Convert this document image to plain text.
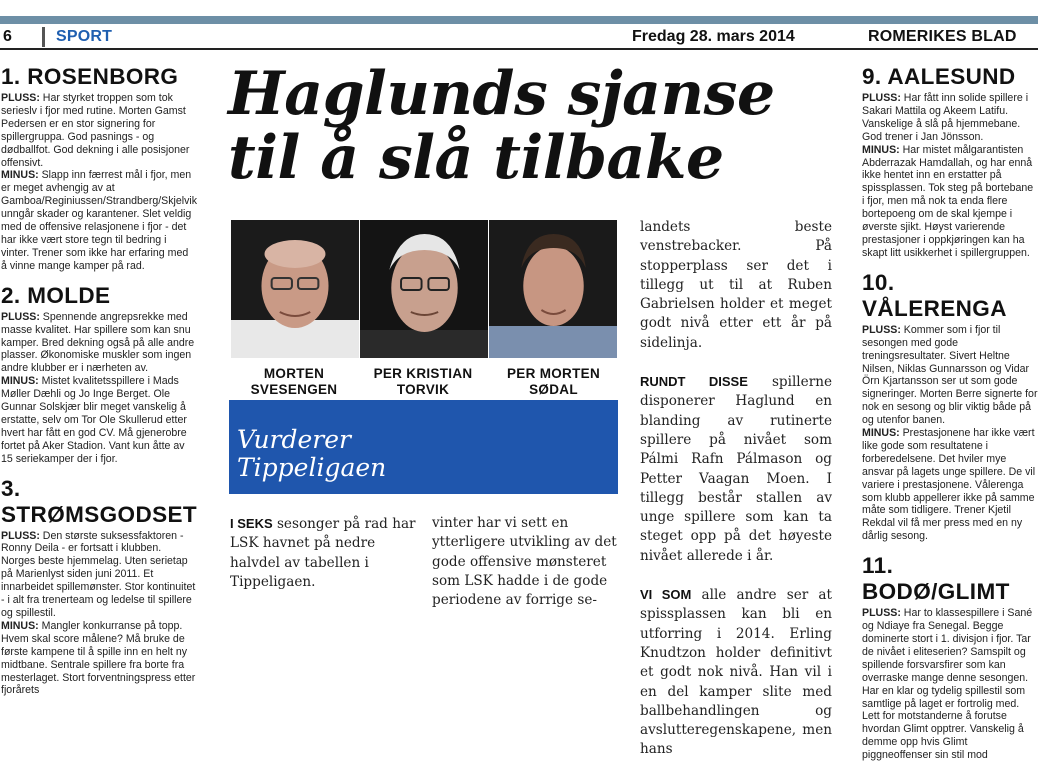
6	SPORT	Fredag 28. mars 2014	ROMERIKES BLAD
1. ROSENBORG

PLUSS: Har styrket troppen som tok serieslv i fjor med rutine. Morten Gamst Pedersen er en stor signering for spillergruppa. God pasnings - og dødballfot. God dekning i alle posisjoner offensivt.

MINUS: Slapp inn færrest mål i fjor, men er meget avhengig av at Gamboa/Reginiussen/Strandberg/Skjelvik unngår skader og karantener. Slet veldig med de offensive relasjonene i fjor - det har ikke vært store tegn til bedring i vinter. Trener som ikke har erfaring med å vinne mange kamper på rad.

2. MOLDE

PLUSS: Spennende angrepsrekke med masse kvalitet. Har spillere som kan snu kamper. Bred dekning også på alle andre plasser. Økonomiske muskler som ingen andre klubber er i nærheten av.

MINUS: Mistet kvalitetsspillere i Mads Møller Dæhli og Jo Inge Berget. Ole Gunnar Solskjær blir meget vanskelig å erstatte, selv om Tor Ole Skullerud etter hvert har fått en god CV. Må gjenerobre fortet på Aker Stadion. Vant kun åtte av 15 seriekamper der i fjor.

3. STRØMSGODSET

PLUSS: Den største suksessfaktoren - Ronny Deila - er fortsatt i klubben. Norges beste hjemmelag. Uten serietap på Marienlyst siden juni 2011. Et innarbeidet spillemønster. Stor kontinuitet - i alt fra trenerteam og ledelse til spillere og spillestil.

MINUS: Mangler konkurranse på topp. Hvem skal score målene? Må bruke de første kampene til å spille inn en helt ny midtbane. Sentrale spillere fra borte fra mesterlaget. Stort forventningspress etter fjorårets

9. AALESUND

PLUSS: Har fått inn solide spillere i Sakari Mattila og Akeem Latifu. Vanskelige å slå på hjemmebane. God trener i Jan Jönsson.

MINUS: Har mistet målgarantisten Abderrazak Hamdallah, og har ennå ikke hentet inn en erstatter på spissplassen. Tok steg på bortebane i fjor, men må nok ta enda flere bortepoeng om de skal kjempe i øverste sjikt. Høyst varierende prestasjoner i oppkjøringen kan ha skapt litt usikkerhet i spillergruppen.

10. VÅLERENGA

PLUSS: Kommer som i fjor til sesongen med gode treningsresultater. Sivert Heltne Nilsen, Niklas Gunnarsson og Vidar Örn Kjartansson ser ut som gode signeringer. Morten Berre signerte for nok en sesong og blir viktig både på og utenfor banen.

MINUS: Prestasjonene har ikke vært like gode som resultatene i forberedelsene. Det hviler mye ansvar på lagets unge spillere. De vil variere i prestasjonene. Vålerenga som klubb appellerer ikke på samme måte som tidligere. Trener Kjetil Rekdal vil få mer press med en ny dårlig sesong.

11. BODØ/GLIMT

PLUSS: Har to klassespillere i Sané og Ndiaye fra Senegal. Begge dominerte stort i 1. divisjon i fjor. Tar de nivået i eliteserien? Samspilt og spillende forsvarsfirer som kan overraske mange denne sesongen. Har en klar og tydelig spillestil som samtlige på laget er fortrolig med. Lett for motstanderne å forutse hvordan Glimt opptrer. Vanskelig å demme opp hvis Glimt piggneoffenser sin stil mod

Haglunds sjanse
til å slå tilbake
MORTEN
SVESENGEN
PER KRISTIAN
TORVIK
PER MORTEN
SØDAL
Vurderer
Tippeligaen

I SEKS sesonger på rad har LSK havnet på nedre halvdel av tabellen i Tippeligaen.

vinter har vi sett en ytterligere utvikling av det gode offensive mønsteret som LSK hadde i de gode periodene av forrige se-

landets beste venstrebacker. På stopperplass ser det i tillegg ut til at Ruben Gabrielsen holder et meget godt nivå etter ett år på sidelinja.

RUNDT DISSE spillerne disponerer Haglund en blanding av rutinerte spillere på nivået som Pálmi Rafn Pálmason og Petter Vaagan Moen. I tillegg består stallen av unge spillere som kan ta steget opp på det høyeste nivået allerede i år.

VI SOM alle andre ser at spissplassen kan bli en utforring i 2014. Erling Knudtzon holder definitivt et godt nok nivå. Han vil i en del kamper slite med ballbehandlingen og avslutteregenskapene, men hans
